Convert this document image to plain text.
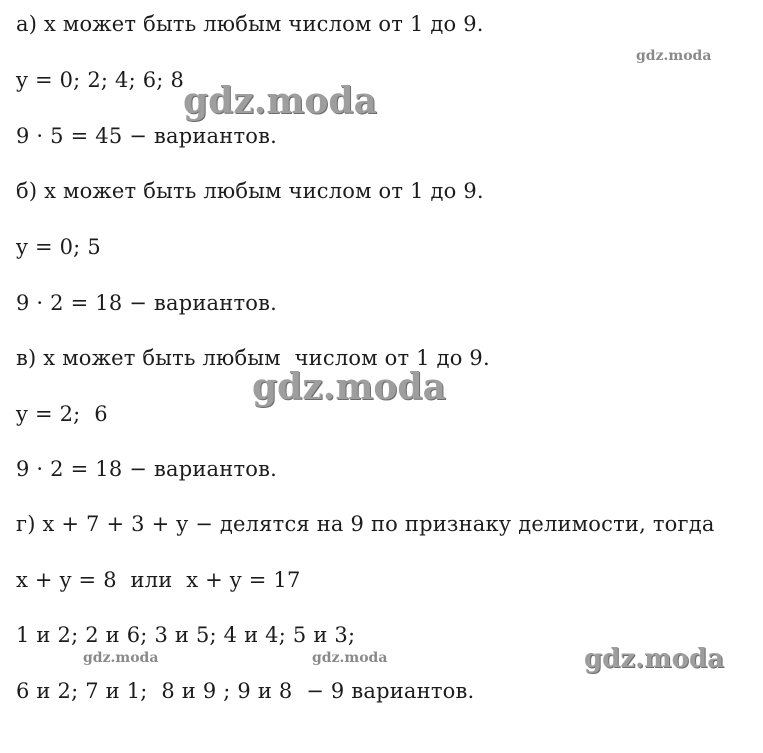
а) x может быть любым числом от 1 до 9.
y = 0; 2; 4; 6; 8
9 · 5 = 45 − вариантов.
б) x может быть любым числом от 1 до 9.
y = 0; 5
9 · 2 = 18 − вариантов.
в) x может быть любым  числом от 1 до 9.
y = 2;  6
9 · 2 = 18 − вариантов.
г) x + 7 + 3 + y − делятся на 9 по признаку делимости, тогда
x + y = 8  или  x + y = 17
1 и 2; 2 и 6; 3 и 5; 4 и 4; 5 и 3;
6 и 2; 7 и 1;  8 и 9 ; 9 и 8  − 9 вариантов.
gdz.moda
gdz.moda
gdz.moda
gdz.moda	gdz.moda	gdz.moda
